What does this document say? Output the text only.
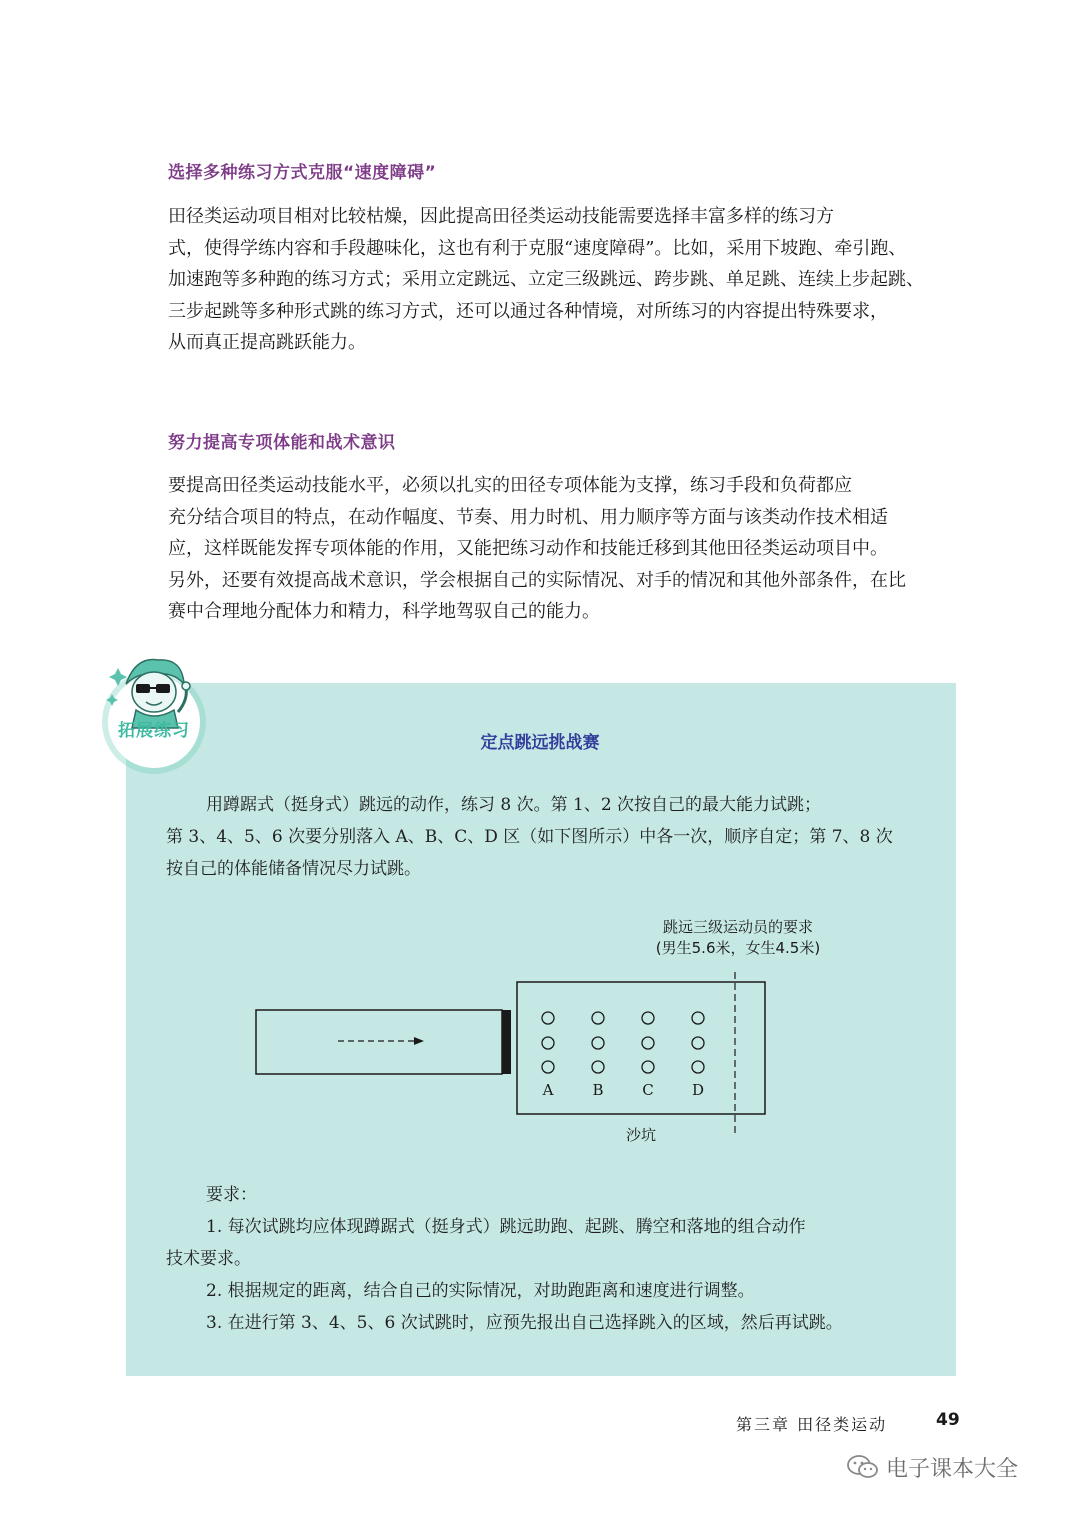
选择多种练习方式克服“速度障碍”
田径类运动项目相对比较枯燥，因此提高田径类运动技能需要选择丰富多样的练习方
式，使得学练内容和手段趣味化，这也有利于克服“速度障碍”。比如，采用下坡跑、牵引跑、
加速跑等多种跑的练习方式；采用立定跳远、立定三级跳远、跨步跳、单足跳、连续上步起跳、
三步起跳等多种形式跳的练习方式，还可以通过各种情境，对所练习的内容提出特殊要求，
从而真正提高跳跃能力。
努力提高专项体能和战术意识
要提高田径类运动技能水平，必须以扎实的田径专项体能为支撑，练习手段和负荷都应
充分结合项目的特点，在动作幅度、节奏、用力时机、用力顺序等方面与该类动作技术相适
应，这样既能发挥专项体能的作用，又能把练习动作和技能迁移到其他田径类运动项目中。
另外，还要有效提高战术意识，学会根据自己的实际情况、对手的情况和其他外部条件，在比
赛中合理地分配体力和精力，科学地驾驭自己的能力。
拓展练习
定点跳远挑战赛
用蹲踞式（挺身式）跳远的动作，练习 8 次。第 1、2 次按自己的最大能力试跳；
第 3、4、5、6 次要分别落入 A、B、C、D 区（如下图所示）中各一次，顺序自定；第 7、8 次
按自己的体能储备情况尽力试跳。
A	B	C	D
沙坑
跳远三级运动员的要求
(男生5.6米，女生4.5米)
要求：
1. 每次试跳均应体现蹲踞式（挺身式）跳远助跑、起跳、腾空和落地的组合动作
技术要求。
2. 根据规定的距离，结合自己的实际情况，对助跑距离和速度进行调整。
3. 在进行第 3、4、5、6 次试跳时，应预先报出自己选择跳入的区域，然后再试跳。
第三章 田径类运动	49
电子课本大全
